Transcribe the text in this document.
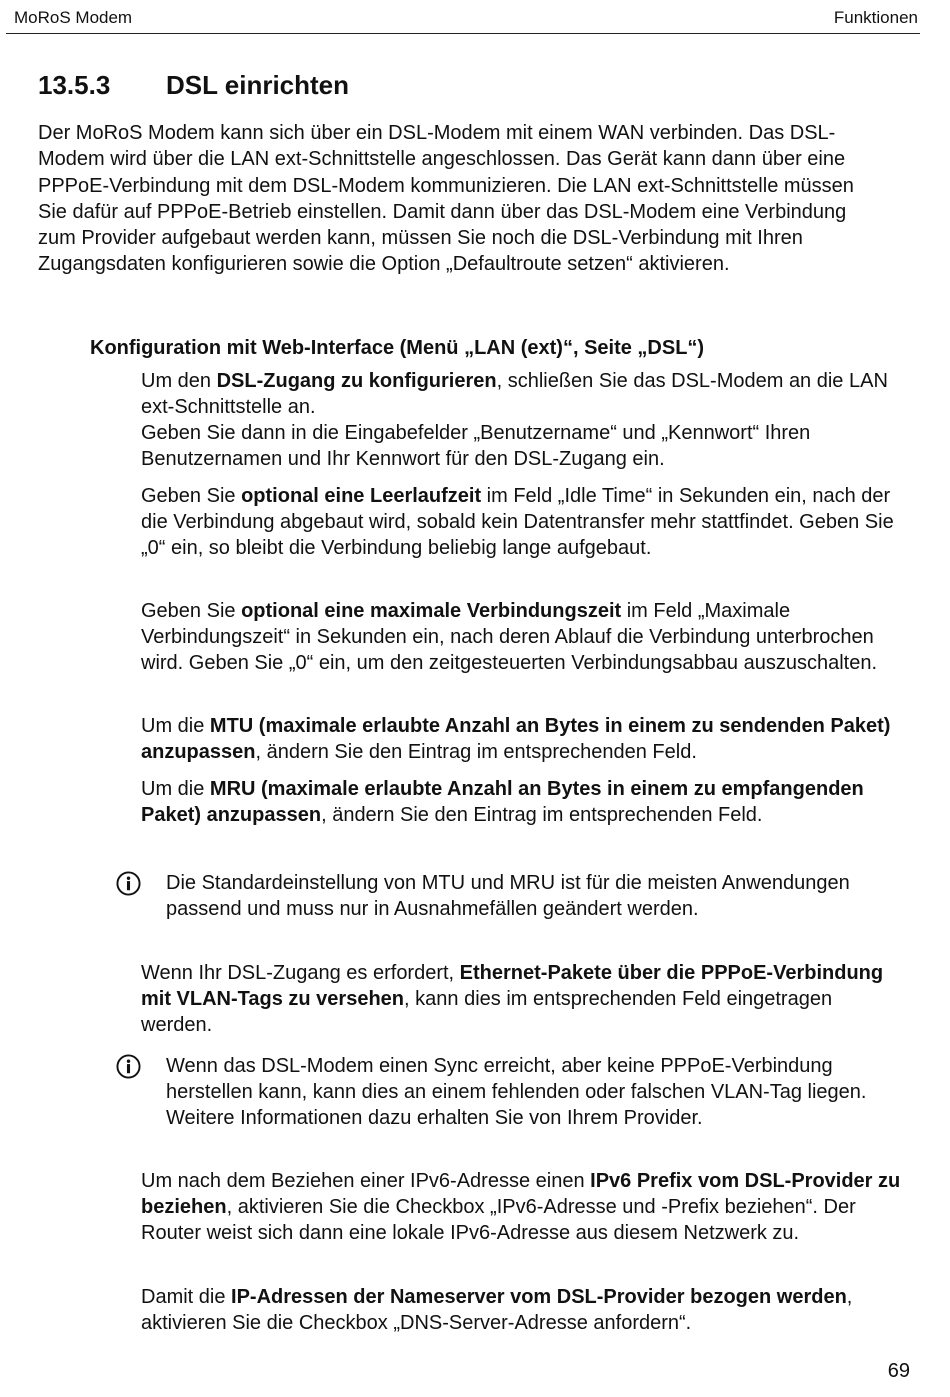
MoRoS Modem	Funktionen
13.5.3 DSL einrichten

Der MoRoS Modem kann sich über ein DSL-Modem mit einem WAN verbinden. Das DSL-Modem wird über die LAN ext-Schnittstelle angeschlossen. Das Gerät kann dann über eine PPPoE-Verbindung mit dem DSL-Modem kommunizieren. Die LAN ext-Schnittstelle müssen Sie dafür auf PPPoE-Betrieb einstellen. Damit dann über das DSL-Modem eine Verbindung zum Provider aufgebaut werden kann, müssen Sie noch die DSL-Verbindung mit Ihren Zugangsdaten konfigurieren sowie die Option „Defaultroute setzen“ aktivieren.

Konfiguration mit Web-Interface (Menü „LAN (ext)“, Seite „DSL“)
Um den DSL-Zugang zu konfigurieren, schließen Sie das DSL-Modem an die LAN ext-Schnittstelle an.
Geben Sie dann in die Eingabefelder „Benutzername“ und „Kennwort“ Ihren Benutzernamen und Ihr Kennwort für den DSL-Zugang ein.
Geben Sie optional eine Leerlaufzeit im Feld „Idle Time“ in Sekunden ein, nach der die Verbindung abgebaut wird, sobald kein Datentransfer mehr stattfindet. Geben Sie „0“ ein, so bleibt die Verbindung beliebig lange aufgebaut.
Geben Sie optional eine maximale Verbindungszeit im Feld „Maximale Verbindungszeit“ in Sekunden ein, nach deren Ablauf die Verbindung unterbrochen wird. Geben Sie „0“ ein, um den zeitgesteuerten Verbindungsabbau auszuschalten.
Um die MTU (maximale erlaubte Anzahl an Bytes in einem zu sendenden Paket) anzupassen, ändern Sie den Eintrag im entsprechenden Feld.
Um die MRU (maximale erlaubte Anzahl an Bytes in einem zu empfangenden Paket) anzupassen, ändern Sie den Eintrag im entsprechenden Feld.

Die Standardeinstellung von MTU und MRU ist für die meisten Anwendungen passend und muss nur in Ausnahmefällen geändert werden.

Wenn Ihr DSL-Zugang es erfordert, Ethernet-Pakete über die PPPoE-Verbindung mit VLAN-Tags zu versehen, kann dies im entsprechenden Feld eingetragen werden.

Wenn das DSL-Modem einen Sync erreicht, aber keine PPPoE-Verbindung herstellen kann, kann dies an einem fehlenden oder falschen VLAN-Tag liegen. Weitere Informationen dazu erhalten Sie von Ihrem Provider.

Um nach dem Beziehen einer IPv6-Adresse einen IPv6 Prefix vom DSL-Provider zu beziehen, aktivieren Sie die Checkbox „IPv6-Adresse und -Prefix beziehen“. Der Router weist sich dann eine lokale IPv6-Adresse aus diesem Netzwerk zu.
Damit die IP-Adressen der Nameserver vom DSL-Provider bezogen werden, aktivieren Sie die Checkbox „DNS-Server-Adresse anfordern“.
69
